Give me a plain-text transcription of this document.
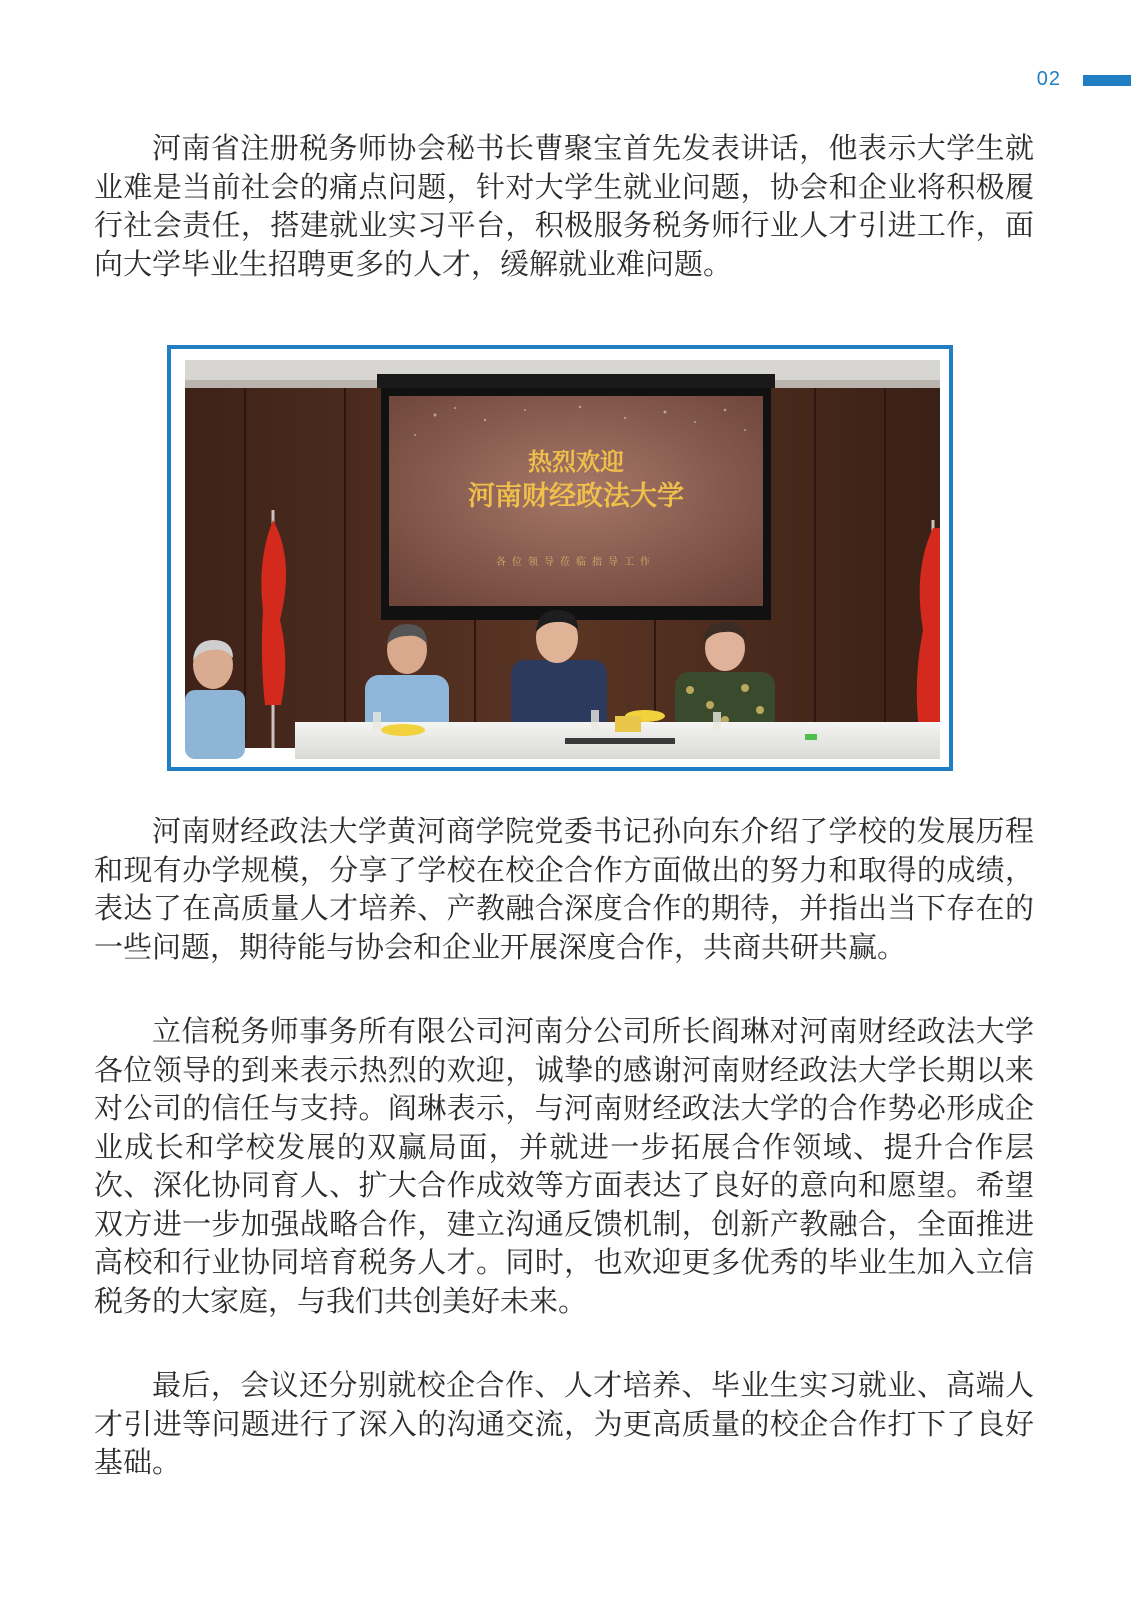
02

河南省注册税务师协会秘书长曹聚宝首先发表讲话，他表示大学生就业难是当前社会的痛点问题，针对大学生就业问题，协会和企业将积极履行社会责任，搭建就业实习平台，积极服务税务师行业人才引进工作，面向大学毕业生招聘更多的人才，缓解就业难问题。

热烈欢迎
河南财经政法大学
各位领导莅临指导工作

河南财经政法大学黄河商学院党委书记孙向东介绍了学校的发展历程和现有办学规模，分享了学校在校企合作方面做出的努力和取得的成绩，表达了在高质量人才培养、产教融合深度合作的期待，并指出当下存在的一些问题，期待能与协会和企业开展深度合作，共商共研共赢。

立信税务师事务所有限公司河南分公司所长阎琳对河南财经政法大学各位领导的到来表示热烈的欢迎，诚挚的感谢河南财经政法大学长期以来对公司的信任与支持。阎琳表示，与河南财经政法大学的合作势必形成企业成长和学校发展的双赢局面，并就进一步拓展合作领域、提升合作层次、深化协同育人、扩大合作成效等方面表达了良好的意向和愿望。希望双方进一步加强战略合作，建立沟通反馈机制，创新产教融合，全面推进高校和行业协同培育税务人才。同时，也欢迎更多优秀的毕业生加入立信税务的大家庭，与我们共创美好未来。

最后，会议还分别就校企合作、人才培养、毕业生实习就业、高端人才引进等问题进行了深入的沟通交流，为更高质量的校企合作打下了良好基础。
